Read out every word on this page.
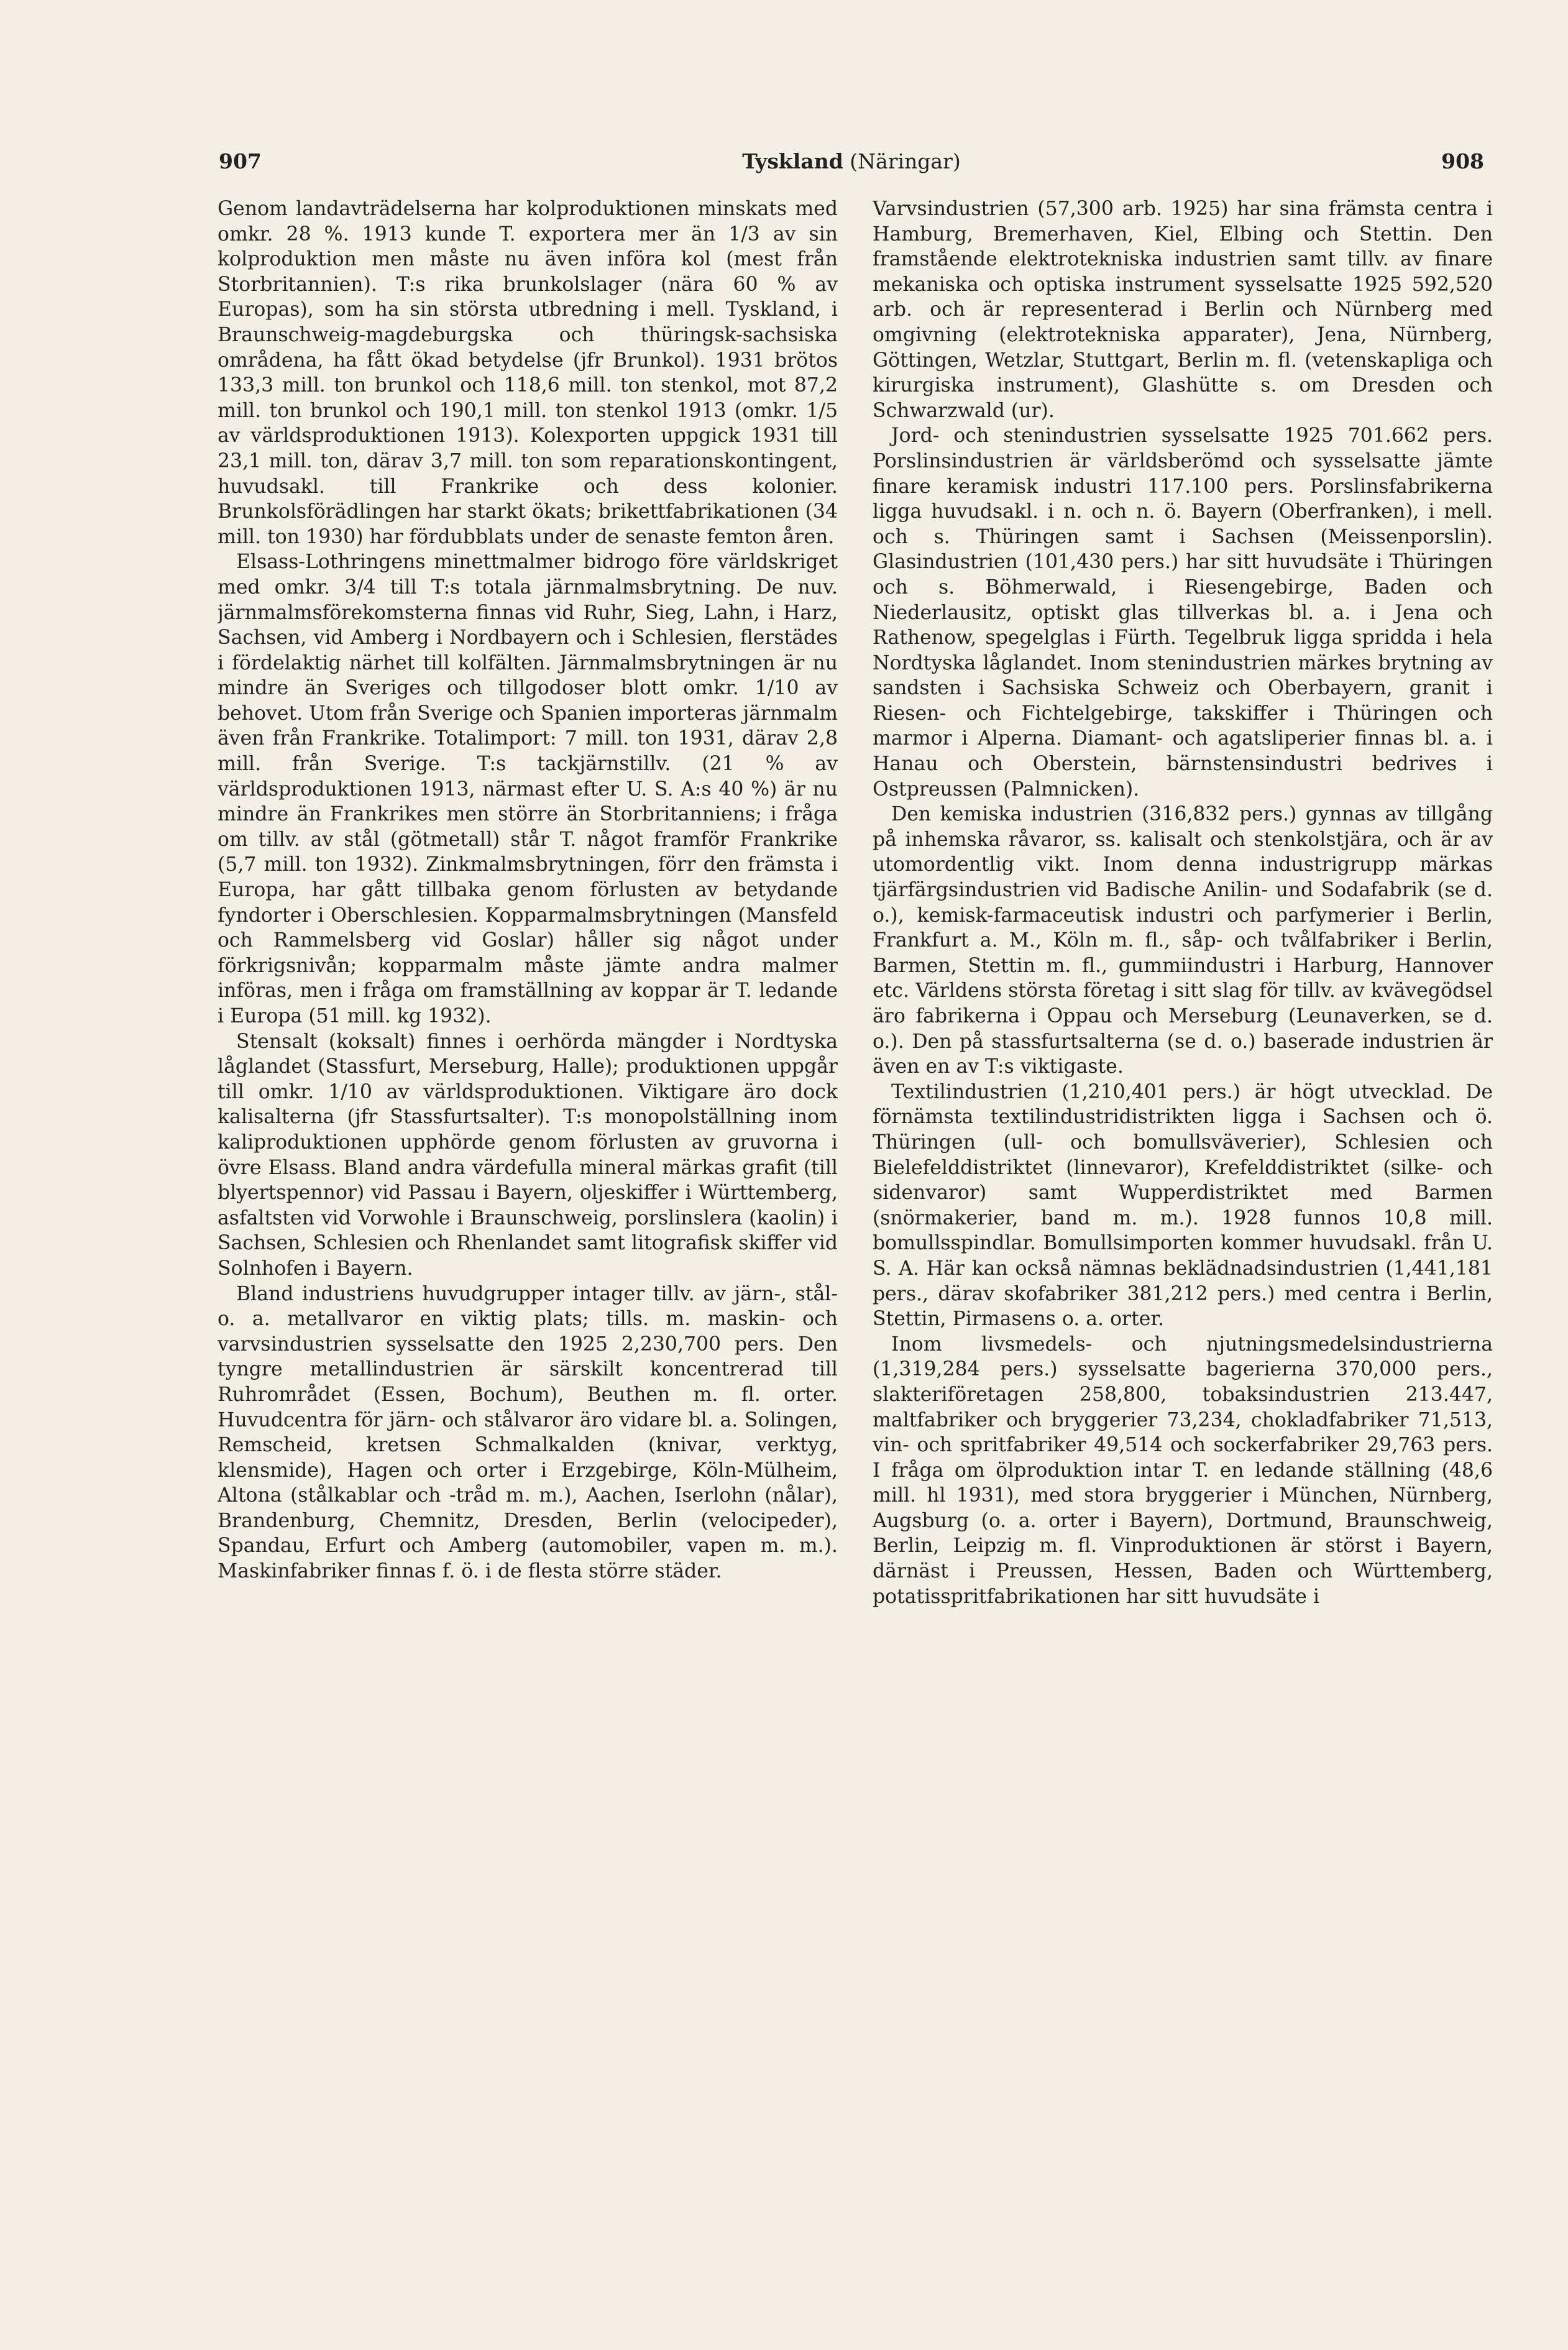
907	Tyskland (Näringar)	908

Genom landavträdelserna har kolproduktionen minskats med omkr. 28 %. 1913 kunde T. exportera mer än 1/3 av sin kolproduktion men måste nu även införa kol (mest från Storbritannien). T:s rika brunkolslager (nära 60 % av Europas), som ha sin största utbredning i mell. Tyskland, i Braunschweig-magdeburgska och thüringsk-sachsiska områdena, ha fått ökad betydelse (jfr Brunkol). 1931 brötos 133,3 mill. ton brunkol och 118,6 mill. ton stenkol, mot 87,2 mill. ton brunkol och 190,1 mill. ton stenkol 1913 (omkr. 1/5 av världsproduktionen 1913). Kolexporten uppgick 1931 till 23,1 mill. ton, därav 3,7 mill. ton som reparationskontingent, huvudsakl. till Frankrike och dess kolonier. Brunkolsförädlingen har starkt ökats; brikettfabrikationen (34 mill. ton 1930) har fördubblats under de senaste femton åren.

Elsass-Lothringens minettmalmer bidrogo före världskriget med omkr. 3/4 till T:s totala järnmalmsbrytning. De nuv. järnmalmsförekomsterna finnas vid Ruhr, Sieg, Lahn, i Harz, Sachsen, vid Amberg i Nordbayern och i Schlesien, flerstädes i fördelaktig närhet till kolfälten. Järnmalmsbrytningen är nu mindre än Sveriges och tillgodoser blott omkr. 1/10 av behovet. Utom från Sverige och Spanien importeras järnmalm även från Frankrike. Totalimport: 7 mill. ton 1931, därav 2,8 mill. från Sverige. T:s tackjärnstillv. (21 % av världsproduktionen 1913, närmast efter U. S. A:s 40 %) är nu mindre än Frankrikes men större än Storbritanniens; i fråga om tillv. av stål (götmetall) står T. något framför Frankrike (5,7 mill. ton 1932). Zinkmalmsbrytningen, förr den främsta i Europa, har gått tillbaka genom förlusten av betydande fyndorter i Oberschlesien. Kopparmalmsbrytningen (Mansfeld och Rammelsberg vid Goslar) håller sig något under förkrigsnivån; kopparmalm måste jämte andra malmer införas, men i fråga om framställning av koppar är T. ledande i Europa (51 mill. kg 1932).

Stensalt (koksalt) finnes i oerhörda mängder i Nordtyska låglandet (Stassfurt, Merseburg, Halle); produktionen uppgår till omkr. 1/10 av världsproduktionen. Viktigare äro dock kalisalterna (jfr Stassfurtsalter). T:s monopolställning inom kaliproduktionen upphörde genom förlusten av gruvorna i övre Elsass. Bland andra värdefulla mineral märkas grafit (till blyertspennor) vid Passau i Bayern, oljeskiffer i Württemberg, asfaltsten vid Vorwohle i Braunschweig, porslinslera (kaolin) i Sachsen, Schlesien och Rhenlandet samt litografisk skiffer vid Solnhofen i Bayern.

Bland industriens huvudgrupper intager tillv. av järn-, stål- o. a. metallvaror en viktig plats; tills. m. maskin- och varvsindustrien sysselsatte den 1925 2,230,700 pers. Den tyngre metallindustrien är särskilt koncentrerad till Ruhrområdet (Essen, Bochum), Beuthen m. fl. orter. Huvudcentra för järn- och stålvaror äro vidare bl. a. Solingen, Remscheid, kretsen Schmalkalden (knivar, verktyg, klensmide), Hagen och orter i Erzgebirge, Köln-Mülheim, Altona (stålkablar och -tråd m. m.), Aachen, Iserlohn (nålar), Brandenburg, Chemnitz, Dresden, Berlin (velocipeder), Spandau, Erfurt och Amberg (automobiler, vapen m. m.). Maskinfabriker finnas f. ö. i de flesta större städer.

Varvsindustrien (57,300 arb. 1925) har sina främsta centra i Hamburg, Bremerhaven, Kiel, Elbing och Stettin. Den framstående elektrotekniska industrien samt tillv. av finare mekaniska och optiska instrument sysselsatte 1925 592,520 arb. och är representerad i Berlin och Nürnberg med omgivning (elektrotekniska apparater), Jena, Nürnberg, Göttingen, Wetzlar, Stuttgart, Berlin m. fl. (vetenskapliga och kirurgiska instrument), Glashütte s. om Dresden och Schwarzwald (ur).

Jord- och stenindustrien sysselsatte 1925 701.662 pers. Porslinsindustrien är världsberömd och sysselsatte jämte finare keramisk industri 117.100 pers. Porslinsfabrikerna ligga huvudsakl. i n. och n. ö. Bayern (Oberfranken), i mell. och s. Thüringen samt i Sachsen (Meissenporslin). Glasindustrien (101,430 pers.) har sitt huvudsäte i Thüringen och s. Böhmerwald, i Riesengebirge, Baden och Niederlausitz, optiskt glas tillverkas bl. a. i Jena och Rathenow, spegelglas i Fürth. Tegelbruk ligga spridda i hela Nordtyska låglandet. Inom stenindustrien märkes brytning av sandsten i Sachsiska Schweiz och Oberbayern, granit i Riesen- och Fichtelgebirge, takskiffer i Thüringen och marmor i Alperna. Diamant- och agatsliperier finnas bl. a. i Hanau och Oberstein, bärnstensindustri bedrives i Ostpreussen (Palmnicken).

Den kemiska industrien (316,832 pers.) gynnas av tillgång på inhemska råvaror, ss. kalisalt och stenkolstjära, och är av utomordentlig vikt. Inom denna industrigrupp märkas tjärfärgsindustrien vid Badische Anilin- und Sodafabrik (se d. o.), kemisk-farmaceutisk industri och parfymerier i Berlin, Frankfurt a. M., Köln m. fl., såp- och tvålfabriker i Berlin, Barmen, Stettin m. fl., gummiindustri i Harburg, Hannover etc. Världens största företag i sitt slag för tillv. av kvävegödsel äro fabrikerna i Oppau och Merseburg (Leunaverken, se d. o.). Den på stassfurtsalterna (se d. o.) baserade industrien är även en av T:s viktigaste.

Textilindustrien (1,210,401 pers.) är högt utvecklad. De förnämsta textilindustridistrikten ligga i Sachsen och ö. Thüringen (ull- och bomullsväverier), Schlesien och Bielefelddistriktet (linnevaror), Krefelddistriktet (silke- och sidenvaror) samt Wupperdistriktet med Barmen (snörmakerier, band m. m.). 1928 funnos 10,8 mill. bomullsspindlar. Bomullsimporten kommer huvudsakl. från U. S. A. Här kan också nämnas beklädnadsindustrien (1,441,181 pers., därav skofabriker 381,212 pers.) med centra i Berlin, Stettin, Pirmasens o. a. orter.

Inom livsmedels- och njutningsmedelsindustrierna (1,319,284 pers.) sysselsatte bagerierna 370,000 pers., slakteriföretagen 258,800, tobaksindustrien 213.447, maltfabriker och bryggerier 73,234, chokladfabriker 71,513, vin- och spritfabriker 49,514 och sockerfabriker 29,763 pers. I fråga om ölproduktion intar T. en ledande ställning (48,6 mill. hl 1931), med stora bryggerier i München, Nürnberg, Augsburg (o. a. orter i Bayern), Dortmund, Braunschweig, Berlin, Leipzig m. fl. Vinproduktionen är störst i Bayern, därnäst i Preussen, Hessen, Baden och Württemberg, potatisspritfabrikationen har sitt huvudsäte i
